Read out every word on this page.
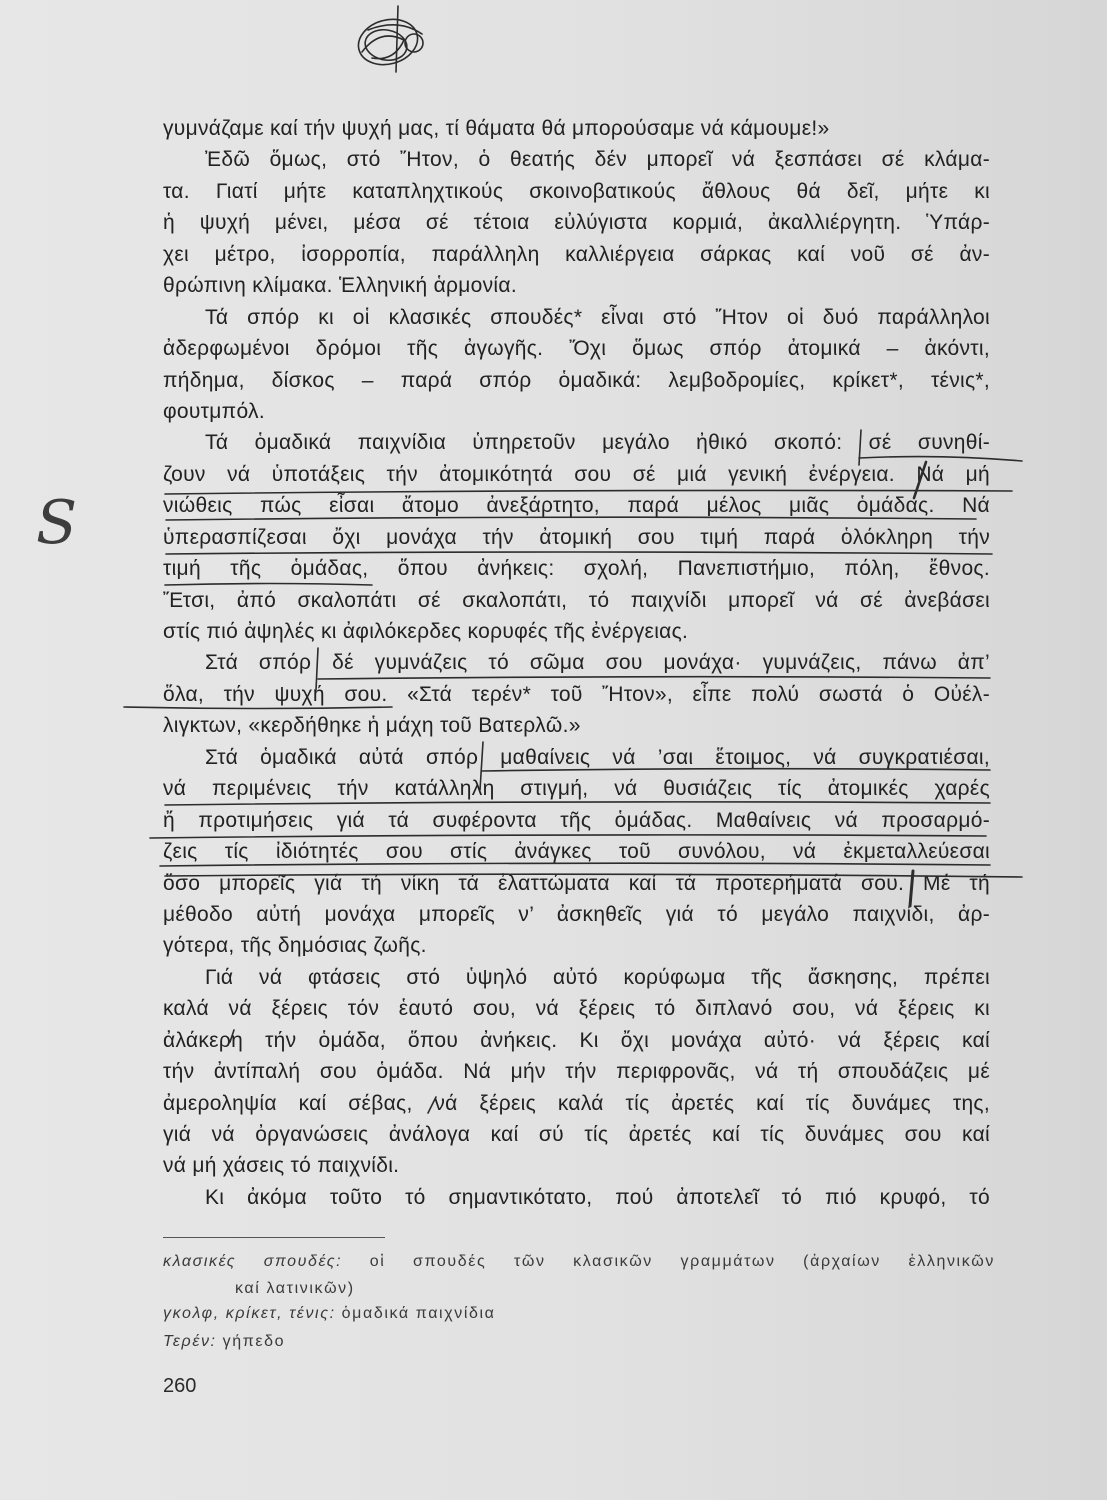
γυμνάζαμε καί τήν ψυχή μας, τί θάματα θά μπορούσαμε νά κάμουμε!»
Ἐδῶ ὅμως, στό Ἤτον, ὁ θεατής δέν μπορεῖ νά ξεσπάσει σέ κλάμα-
τα. Γιατί μήτε καταπληχτικούς σκοινοβατικούς ἄθλους θά δεῖ, μήτε κι
ἡ ψυχή μένει, μέσα σέ τέτοια εὐλύγιστα κορμιά, ἀκαλλιέργητη. Ὑπάρ-
χει μέτρο, ἰσορροπία, παράλληλη καλλιέργεια σάρκας καί νοῦ σέ ἀν-
θρώπινη κλίμακα. Ἑλληνική ἁρμονία.
Τά σπόρ κι οἱ κλασικές σπουδές* εἶναι στό Ἤτον οἱ δυό παράλληλοι
ἀδερφωμένοι δρόμοι τῆς ἀγωγῆς. Ὄχι ὅμως σπόρ ἀτομικά – ἀκόντι,
πήδημα, δίσκος – παρά σπόρ ὁμαδικά: λεμβοδρομίες, κρίκετ*, τένις*,
φουτμπόλ.
Τά ὁμαδικά παιχνίδια ὑπηρετοῦν μεγάλο ἠθικό σκοπό: σέ συνηθί-
ζουν νά ὑποτάξεις τήν ἀτομικότητά σου σέ μιά γενική ἐνέργεια. Νά μή
νιώθεις πώς εἶσαι ἄτομο ἀνεξάρτητο, παρά μέλος μιᾶς ὁμάδας. Νά
ὑπερασπίζεσαι ὄχι μονάχα τήν ἀτομική σου τιμή παρά ὁλόκληρη τήν
τιμή τῆς ὁμάδας, ὅπου ἀνήκεις: σχολή, Πανεπιστήμιο, πόλη, ἔθνος.
Ἔτσι, ἀπό σκαλοπάτι σέ σκαλοπάτι, τό παιχνίδι μπορεῖ νά σέ ἀνεβάσει
στίς πιό ἀψηλές κι ἀφιλόκερδες κορυφές τῆς ἐνέργειας.
Στά σπόρ δέ γυμνάζεις τό σῶμα σου μονάχα· γυμνάζεις, πάνω ἀπ’
ὅλα, τήν ψυχή σου. «Στά τερέν* τοῦ Ἤτον», εἶπε πολύ σωστά ὁ Οὐέλ-
λιγκτων, «κερδήθηκε ἡ μάχη τοῦ Βατερλῶ.»
Στά ὁμαδικά αὐτά σπόρ μαθαίνεις νά ’σαι ἕτοιμος, νά συγκρατιέσαι,
νά περιμένεις τήν κατάλληλη στιγμή, νά θυσιάζεις τίς ἀτομικές χαρές
ἤ προτιμήσεις γιά τά συφέροντα τῆς ὁμάδας. Μαθαίνεις νά προσαρμό-
ζεις τίς ἰδιότητές σου στίς ἀνάγκες τοῦ συνόλου, νά ἐκμεταλλεύεσαι
ὅσο μπορεῖς γιά τή νίκη τά ἐλαττώματα καί τά προτερήματά σου. Μέ τή
μέθοδο αὐτή μονάχα μπορεῖς ν’ ἀσκηθεῖς γιά τό μεγάλο παιχνίδι, ἀρ-
γότερα, τῆς δημόσιας ζωῆς.
Γιά νά φτάσεις στό ὑψηλό αὐτό κορύφωμα τῆς ἄσκησης, πρέπει
καλά νά ξέρεις τόν ἑαυτό σου, νά ξέρεις τό διπλανό σου, νά ξέρεις κι
ἀλάκερη τήν ὁμάδα, ὅπου ἀνήκεις. Κι ὄχι μονάχα αὐτό· νά ξέρεις καί
τήν ἀντίπαλή σου ὁμάδα. Νά μήν τήν περιφρονᾶς, νά τή σπουδάζεις μέ
ἀμεροληψία καί σέβας, νά ξέρεις καλά τίς ἀρετές καί τίς δυνάμες της,
γιά νά ὀργανώσεις ἀνάλογα καί σύ τίς ἀρετές καί τίς δυνάμες σου καί
νά μή χάσεις τό παιχνίδι.
Κι ἀκόμα τοῦτο τό σημαντικότατο, πού ἀποτελεῖ τό πιό κρυφό, τό
κλασικές σπουδές: οἱ σπουδές τῶν κλασικῶν γραμμάτων (ἀρχαίων ἑλληνικῶν
καί λατινικῶν)
γκολφ, κρίκετ, τένις: ὁμαδικά παιχνίδια
Τερέν: γήπεδο
260
S
